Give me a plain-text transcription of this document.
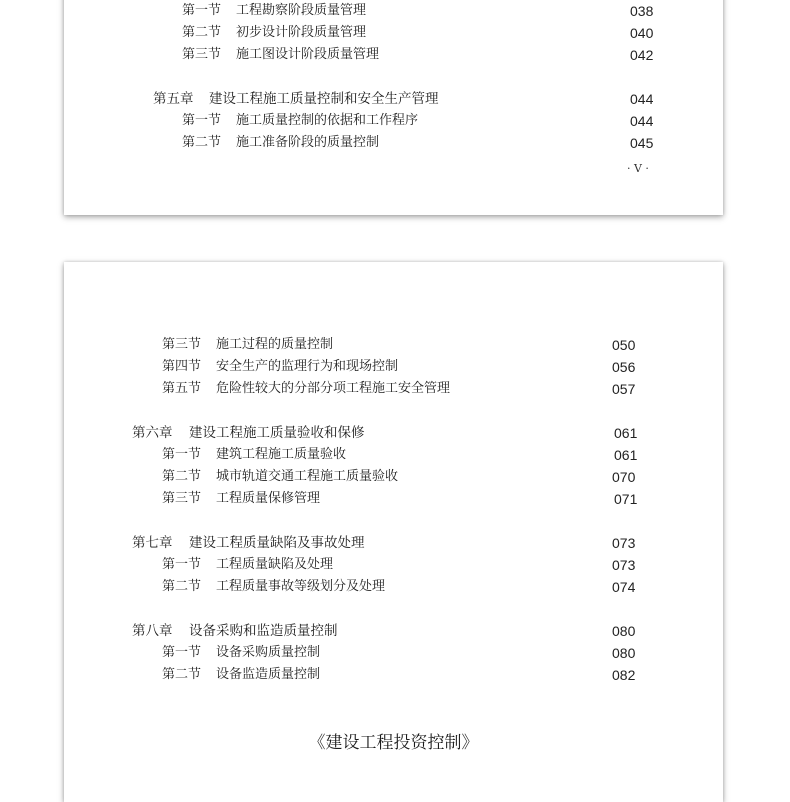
第一节 工程勘察阶段质量管理	038
第二节 初步设计阶段质量管理	040
第三节 施工图设计阶段质量管理	042
第五章 建设工程施工质量控制和安全生产管理	044
第一节 施工质量控制的依据和工作程序	044
第二节 施工准备阶段的质量控制	045
· V ·
第三节 施工过程的质量控制	050
第四节 安全生产的监理行为和现场控制	056
第五节 危险性较大的分部分项工程施工安全管理	057
第六章 建设工程施工质量验收和保修	061
第一节 建筑工程施工质量验收	061
第二节 城市轨道交通工程施工质量验收	070
第三节 工程质量保修管理	071
第七章 建设工程质量缺陷及事故处理	073
第一节 工程质量缺陷及处理	073
第二节 工程质量事故等级划分及处理	074
第八章 设备采购和监造质量控制	080
第一节 设备采购质量控制	080
第二节 设备监造质量控制	082
《建设工程投资控制》
